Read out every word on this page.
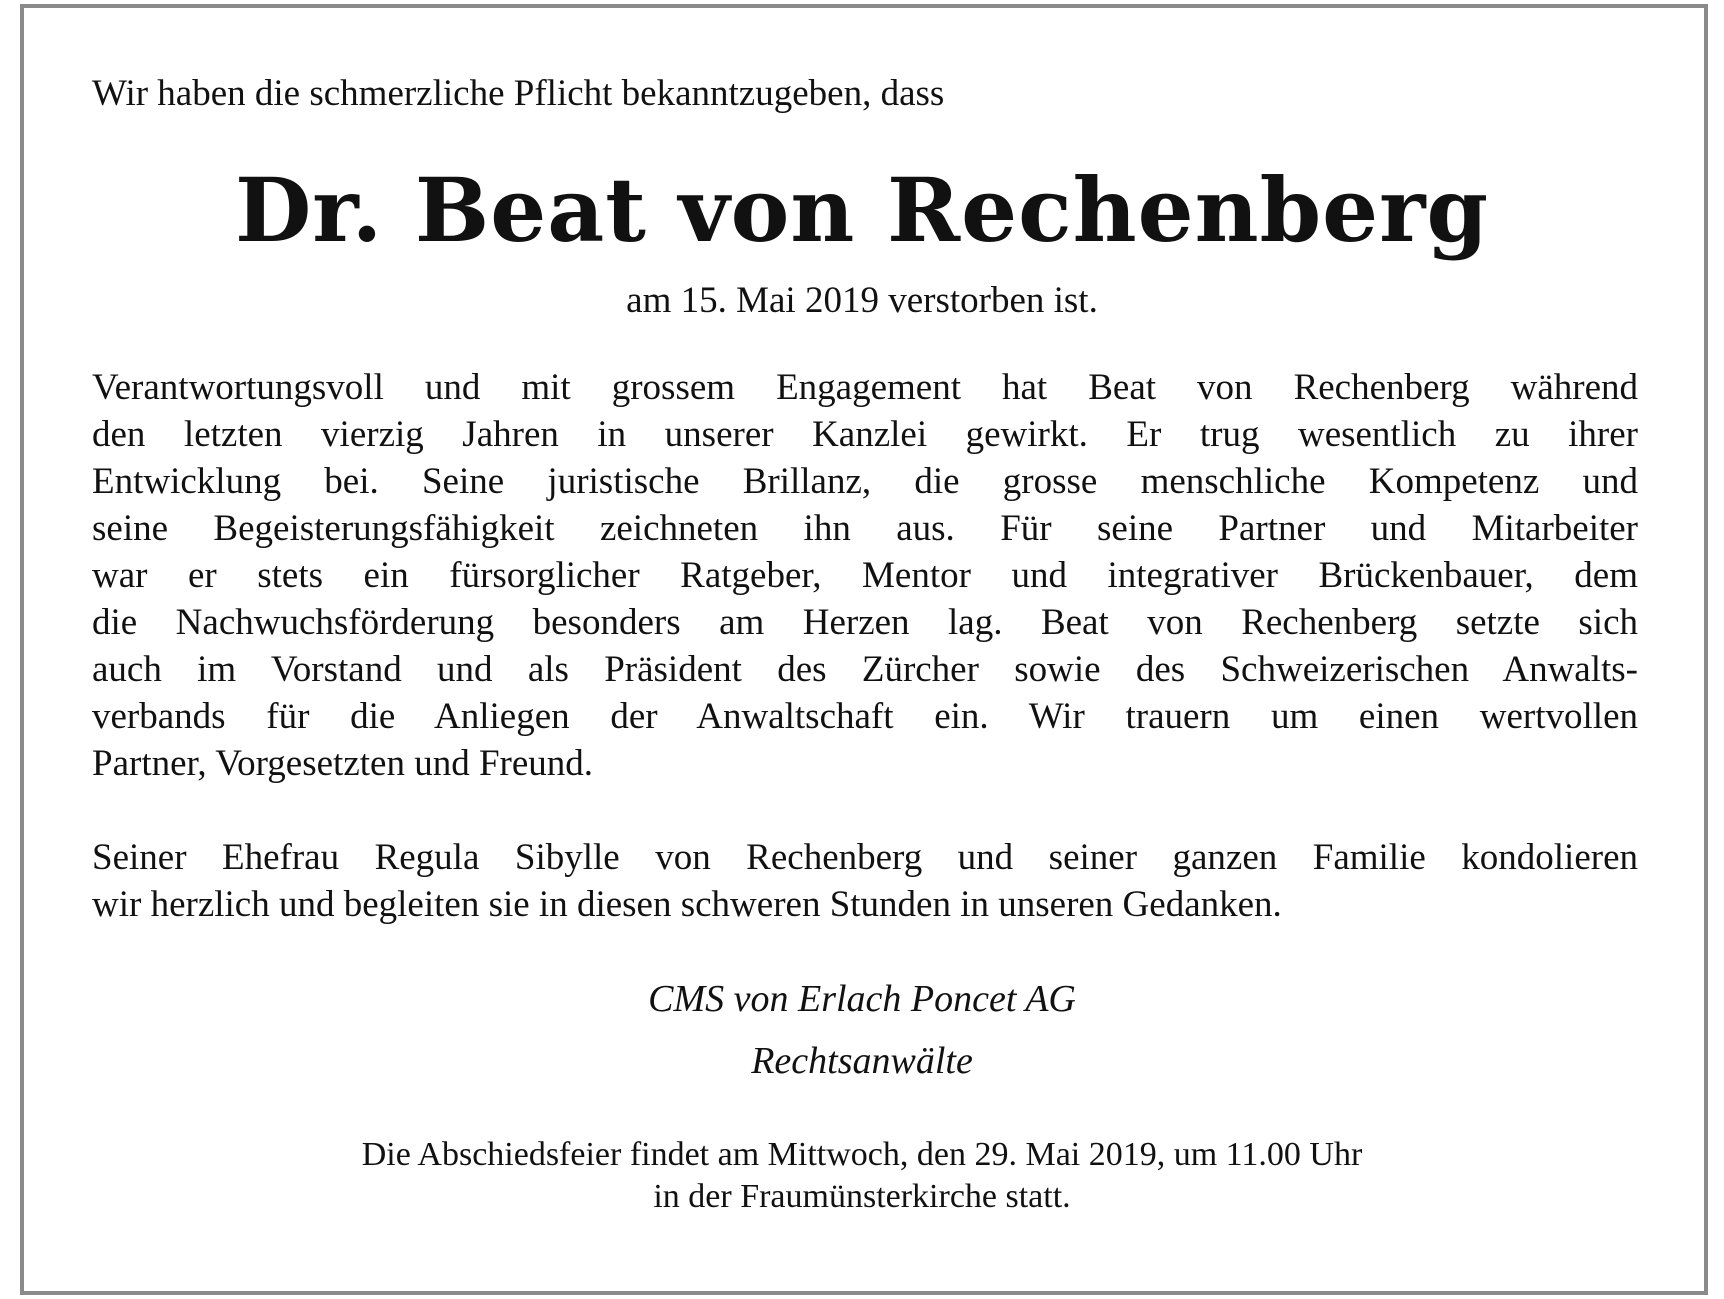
Wir haben die schmerzliche Pflicht bekanntzugeben, dass
Dr. Beat von Rechenberg
am 15. Mai 2019 verstorben ist.
Verantwortungsvoll und mit grossem Engagement hat Beat von Rechenberg während
den letzten vierzig Jahren in unserer Kanzlei gewirkt. Er trug wesentlich zu ihrer
Entwicklung bei. Seine juristische Brillanz, die grosse menschliche Kompetenz und
seine Begeisterungsfähigkeit zeichneten ihn aus. Für seine Partner und Mitarbeiter
war er stets ein fürsorglicher Ratgeber, Mentor und integrativer Brückenbauer, dem
die Nachwuchsförderung besonders am Herzen lag. Beat von Rechenberg setzte sich
auch im Vorstand und als Präsident des Zürcher sowie des Schweizerischen Anwalts-
verbands für die Anliegen der Anwaltschaft ein. Wir trauern um einen wertvollen
Partner, Vorgesetzten und Freund.
Seiner Ehefrau Regula Sibylle von Rechenberg und seiner ganzen Familie kondolieren
wir herzlich und begleiten sie in diesen schweren Stunden in unseren Gedanken.
CMS von Erlach Poncet AG
Rechtsanwälte
Die Abschiedsfeier findet am Mittwoch, den 29. Mai 2019, um 11.00 Uhr
in der Fraumünsterkirche statt.
